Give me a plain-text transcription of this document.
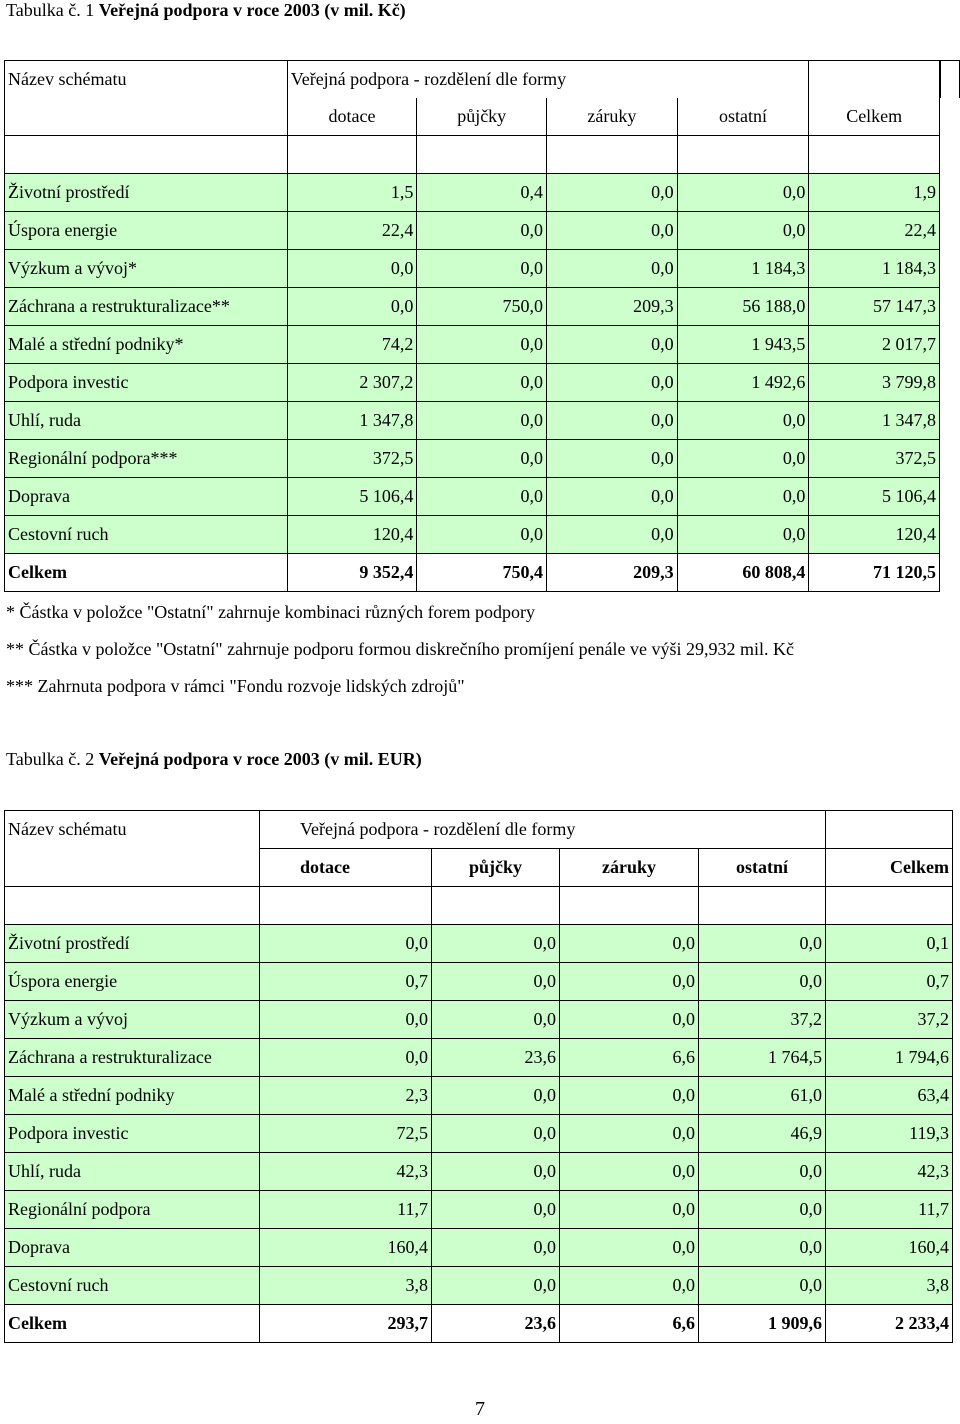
Tabulka č. 1 Veřejná podpora v roce 2003 (v mil. Kč)
Název schématu	Veřejná podpora - rozdělení dle formy					
	dotace	půjčky	záruky	ostatní	Celkem	

Životní prostředí	1,5	0,4	0,0	0,0	1,9	
Úspora energie	22,4	0,0	0,0	0,0	22,4	
Výzkum a vývoj*	0,0	0,0	0,0	1 184,3	1 184,3	
Záchrana a restrukturalizace**	0,0	750,0	209,3	56 188,0	57 147,3	
Malé a střední podniky*	74,2	0,0	0,0	1 943,5	2 017,7	
Podpora investic	2 307,2	0,0	0,0	1 492,6	3 799,8	
Uhlí, ruda	1 347,8	0,0	0,0	0,0	1 347,8	
Regionální podpora***	372,5	0,0	0,0	0,0	372,5	
Doprava	5 106,4	0,0	0,0	0,0	5 106,4	
Cestovní ruch	120,4	0,0	0,0	0,0	120,4	
Celkem	9 352,4	750,4	209,3	60 808,4	71 120,5	
* Částka v položce "Ostatní" zahrnuje kombinaci různých forem podpory
** Částka v položce "Ostatní" zahrnuje podporu formou diskrečního promíjení penále ve výši 29,932 mil. Kč
*** Zahrnuta podpora v rámci "Fondu rozvoje lidských zdrojů"
Tabulka č. 2 Veřejná podpora v roce 2003 (v mil. EUR)
Název schématu	Veřejná podpora - rozdělení dle formy				
	dotace	půjčky	záruky	ostatní	Celkem

Životní prostředí	0,0	0,0	0,0	0,0	0,1
Úspora energie	0,7	0,0	0,0	0,0	0,7
Výzkum a vývoj	0,0	0,0	0,0	37,2	37,2
Záchrana a restrukturalizace	0,0	23,6	6,6	1 764,5	1 794,6
Malé a střední podniky	2,3	0,0	0,0	61,0	63,4
Podpora investic	72,5	0,0	0,0	46,9	119,3
Uhlí, ruda	42,3	0,0	0,0	0,0	42,3
Regionální podpora	11,7	0,0	0,0	0,0	11,7
Doprava	160,4	0,0	0,0	0,0	160,4
Cestovní ruch	3,8	0,0	0,0	0,0	3,8
Celkem	293,7	23,6	6,6	1 909,6	2 233,4
7
